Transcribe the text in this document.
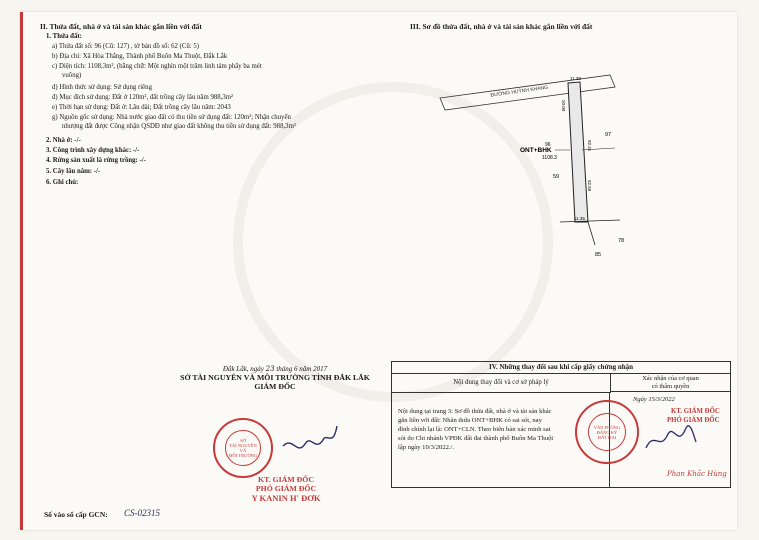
II. Thửa đất, nhà ở và tài sản khác gắn liền với đất
1. Thửa đất:
a) Thửa đất số: 96 (Cũ: 127) , tờ bản đồ số: 62 (Cũ: 5)
b) Địa chỉ: Xã Hòa Thắng, Thành phố Buôn Ma Thuột, Đắk Lắk
c) Diện tích: 1108,3m², (bằng chữ: Một nghìn một trăm linh tám phẩy ba mét
vuông)
d) Hình thức sử dụng: Sử dụng riêng
đ) Mục đích sử dụng: Đất ở 120m², đất trồng cây lâu năm 988,3m²
e) Thời hạn sử dụng: Đất ở: Lâu dài; Đất trồng cây lâu năm: 2043
g) Nguồn gốc sử dụng: Nhà nước giao đất có thu tiền sử dụng đất: 120m²; Nhận chuyển
nhượng đất được Công nhận QSDĐ như giao đất không thu tiền sử dụng đất: 988,3m²
2. Nhà ở: -/-
3. Công trình xây dựng khác: -/-
4. Rừng sản xuất là rừng trồng: -/-
5. Cây lâu năm: -/-
6. Ghi chú:
III. Sơ đồ thửa đất, nhà ở và tài sản khác gắn liền với đất
ĐƯỜNG HUỲNH KHANG
11.38
20.00
92.41
92.59
11.35
ONT+BHK
96
1108.3
97
59
78
85
Đắk Lắk, ngày 23 tháng 6 năm 2017
SỞ TÀI NGUYÊN VÀ MÔI TRƯỜNG TỈNH ĐẮK LẮK
GIÁM ĐỐC
SỞ
TÀI NGUYÊN
VÀ
MÔI TRƯỜNG
KT. GIÁM ĐỐC
PHÓ GIÁM ĐỐC
Y KANIN H' ĐƠK
Số vào sổ cấp GCN: CS-02315
IV. Những thay đổi sau khi cấp giấy chứng nhận
Nội dung thay đổi và cơ sở pháp lý
Xác nhận của cơ quan
có thẩm quyền
Nội dung tại trang 3: Sơ đồ thửa đất, nhà ở và tài sản khác
gắn liền với đất: Nhãn thửa ONT+BHK có sai sót, nay
đính chính lại là: ONT+CLN. Theo biên bản xác minh sai
sót do Chi nhánh VPĐK đất đai thành phố Buôn Ma Thuột
lập ngày 10/3/2022./.
Ngày 15/3/2022
KT. GIÁM ĐỐC
PHÓ GIÁM ĐỐC
Phan Khắc Hùng
VĂN PHÒNG
ĐĂNG KÝ
ĐẤT ĐAI
